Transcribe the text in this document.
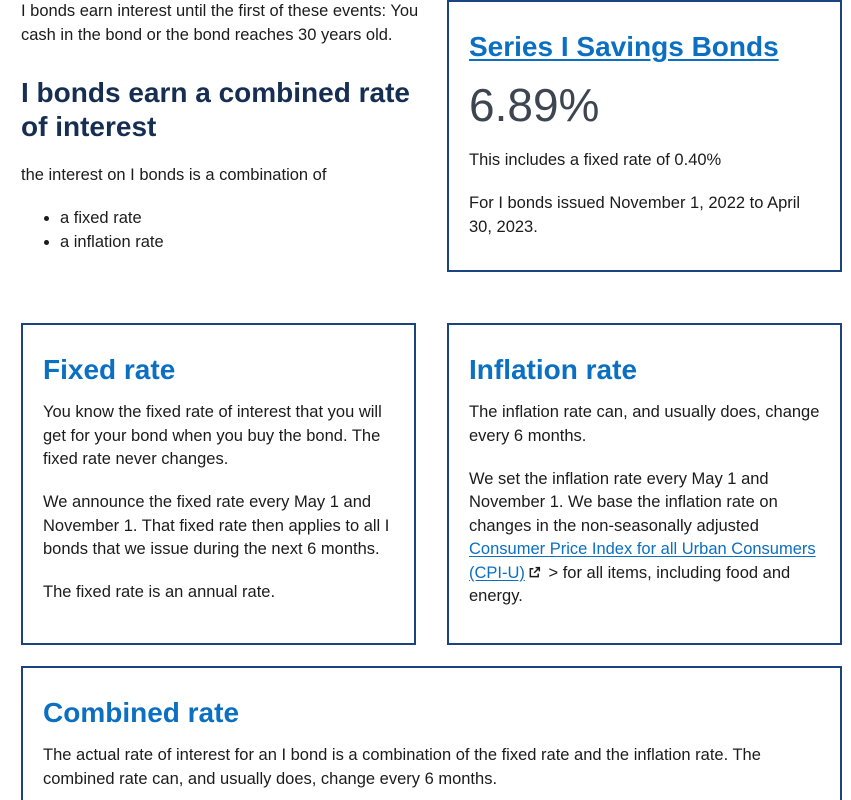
I bonds earn interest until the first of these events: You cash in the bond or the bond reaches 30 years old.

I bonds earn a combined rate of interest

the interest on I bonds is a combination of

• a fixed rate
• a inflation rate
Series I Savings Bonds
6.89%

This includes a fixed rate of 0.40%

For I bonds issued November 1, 2022 to April 30, 2023.

Fixed rate

You know the fixed rate of interest that you will get for your bond when you buy the bond. The fixed rate never changes.

We announce the fixed rate every May 1 and November 1. That fixed rate then applies to all I bonds that we issue during the next 6 months.

The fixed rate is an annual rate.

Inflation rate

The inflation rate can, and usually does, change every 6 months.

We set the inflation rate every May 1 and November 1. We base the inflation rate on changes in the non-seasonally adjusted Consumer Price Index for all Urban Consumers (CPI-U) > for all items, including food and energy.

Combined rate

The actual rate of interest for an I bond is a combination of the fixed rate and the inflation rate. The combined rate can, and usually does, change every 6 months.
